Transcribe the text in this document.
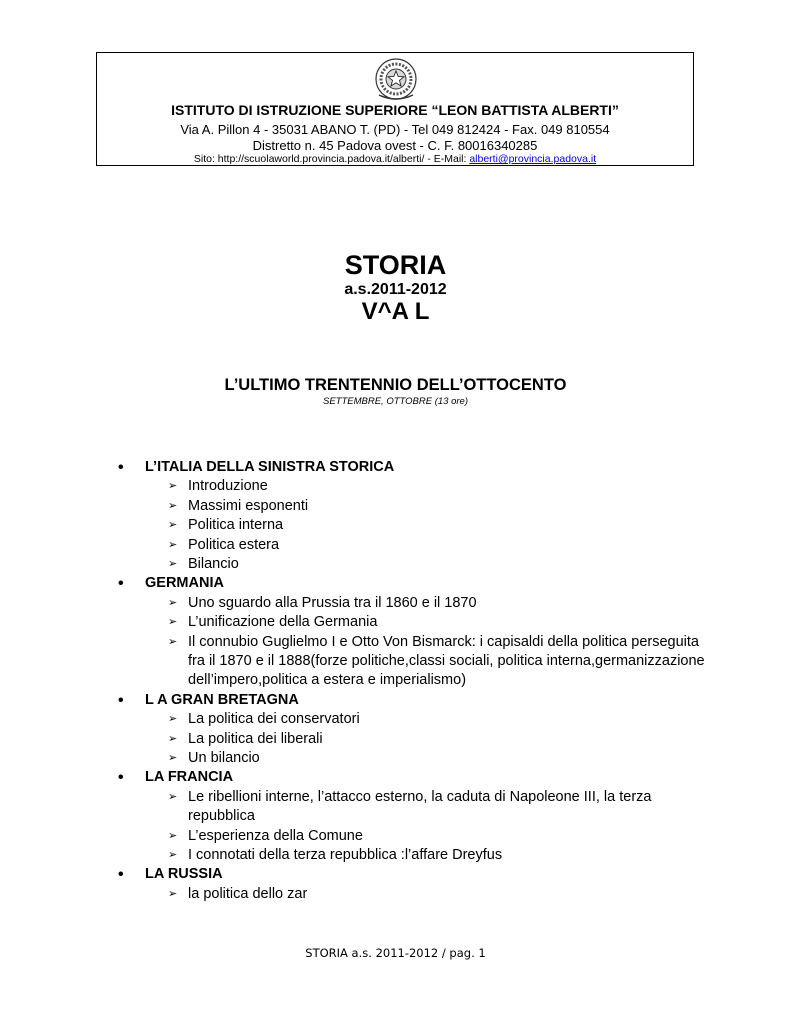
ISTITUTO DI ISTRUZIONE SUPERIORE “LEON BATTISTA ALBERTI”
Via A. Pillon 4 - 35031 ABANO T. (PD) - Tel 049 812424 - Fax. 049 810554
Distretto n. 45 Padova ovest - C. F. 80016340285
Sito: http://scuolaworld.provincia.padova.it/alberti/ - E-Mail: alberti@provincia.padova.it
STORIA
a.s.2011-2012
V^A L
L’ULTIMO TRENTENNIO DELL’OTTOCENTO
SETTEMBRE, OTTOBRE (13 ore)
•	L’ITALIA DELLA SINISTRA STORICA
➢ Introduzione
➢ Massimi esponenti
➢ Politica interna
➢ Politica estera
➢ Bilancio
•	GERMANIA
➢ Uno sguardo alla Prussia tra il 1860 e il 1870
➢ L’unificazione della Germania
➢ Il connubio Guglielmo I e Otto Von Bismarck: i capisaldi della politica perseguita fra il 1870 e il 1888(forze politiche,classi sociali, politica interna,germanizzazione dell’impero,politica a estera e imperialismo)
•	L A GRAN BRETAGNA
➢ La politica dei conservatori
➢ La politica dei liberali
➢ Un bilancio
•	LA FRANCIA
➢ Le ribellioni interne, l’attacco esterno, la caduta di Napoleone III, la terza repubblica
➢ L’esperienza della Comune
➢ I connotati della terza repubblica :l’affare Dreyfus
•	LA RUSSIA
➢ la politica dello zar
STORIA a.s. 2011-2012 / pag. 1
